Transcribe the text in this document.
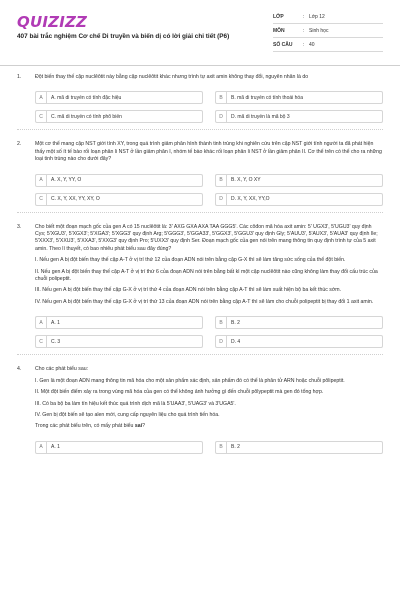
QUIZIZZ
407 bài trắc nghiệm Cơ chế Di truyền và biến dị có lời giải chi tiết (P6)
LỚP	: Lớp 12
MÔN	: Sinh học
SỐ CÂU	: 40
1.	Đột biến thay thế cặp nuclêôtit này bằng cặp nuclêôtit khác nhưng trình tự axit amin không thay đổi, nguyên nhân là do

A	A. mã di truyền có tính đặc hiệu	B	B. mã di truyền có tính thoái hóa
C	C. mã di truyền có tính phổ biến	D	D. mã di truyền là mã bộ 3
2.	Một cơ thể mang cặp NST giới tính XY, trong quá trình giảm phân hình thành tinh trùng khi nghiên cứu trên cặp NST giới tính người ta đã phát hiện thấy một số ít tế bào rối loạn phân li NST ở lần giảm phân I, nhóm tế bào khác rối loạn phân li NST ở lần giảm phân II. Cơ thể trên có thể cho ra những loại tinh trùng nào cho dưới đây?

A	A. X, Y, YY, O	B	B. X, Y, O XY
C	C. X, Y, XX, YY, XY, O	D	D. X, Y, XX, YY,O
3.	Cho biết một đoạn mạch gốc của gen A có 15 nuclêôtit là: 3' AXG GXA AXA TAA GGG5'. Các côđon mã hóa axit amin: 5' UGX3', 5'UGU3' quy định Cys; 5'XGU3', 5'XGX3'; 5'XGA3'; 5'XGG3' quy định Arg; 5'GGG3', 5'GGA33', 5'GGX3', 5'GGU3' quy định Gly; 5'AUU3', 5'AUX3', 5'AUA3' quy định Ile; 5'XXX3', 5'XXU3', 5'XXA3', 5'XXG3' quy định Pro; 5'UXX3' quy định Ser. Đoạn mạch gốc của gen nói trên mang thông tin quy định trình tự của 5 axit amin. Theo lí thuyết, có bao nhiêu phát biểu sau đây đúng?

I. Nếu gen A bị đột biến thay thế cặp A-T ở vị trí thứ 12 của đoạn ADN nói trên bằng cặp G-X thì sẽ làm tăng sức sống của thể đột biến.

II. Nếu gen A bị đột biến thay thế cặp A-T ở vị trí thứ 6 của đoạn ADN nói trên bằng bất kì một cặp nuclêôtit nào cũng không làm thay đổi cấu trúc của chuỗi polipeptit.

III. Nếu gen A bị đột biến thay thế cặp G-X ở vị trí thứ 4 của đoạn ADN nói trên bằng cặp A-T thì sẽ làm xuất hiện bộ ba kết thúc sớm.

IV. Nếu gen A bị đột biến thay thế cặp G-X ở vị trí thứ 13 của đoạn ADN nói trên bằng cặp A-T thì sẽ làm cho chuỗi polipeptit bị thay đổi 1 axit amin.

A	A. 1	B	B. 2
C	C. 3	D	D. 4
4.	Cho các phát biểu sau:

I. Gen là một đoạn ADN mang thông tin mã hóa cho một sản phẩm xác định, sản phẩm đó có thể là phân tử ARN hoặc chuỗi pôlipeptit.

II. Một đột biến điểm xảy ra trong vùng mã hóa của gen có thể không ảnh hưởng gì đến chuỗi pôlypeptit mà gen đó tổng hợp.

III. Có ba bộ ba làm tín hiệu kết thúc quá trình dịch mã là 5'UAA3', 5'UAG3' và 3'UGA5'.

IV. Gen bị đột biến sẽ tạo alen mới, cung cấp nguyên liệu cho quá trình tiến hóa.

Trong các phát biểu trên, có mấy phát biểu sai?

A	A. 1	B	B. 2
